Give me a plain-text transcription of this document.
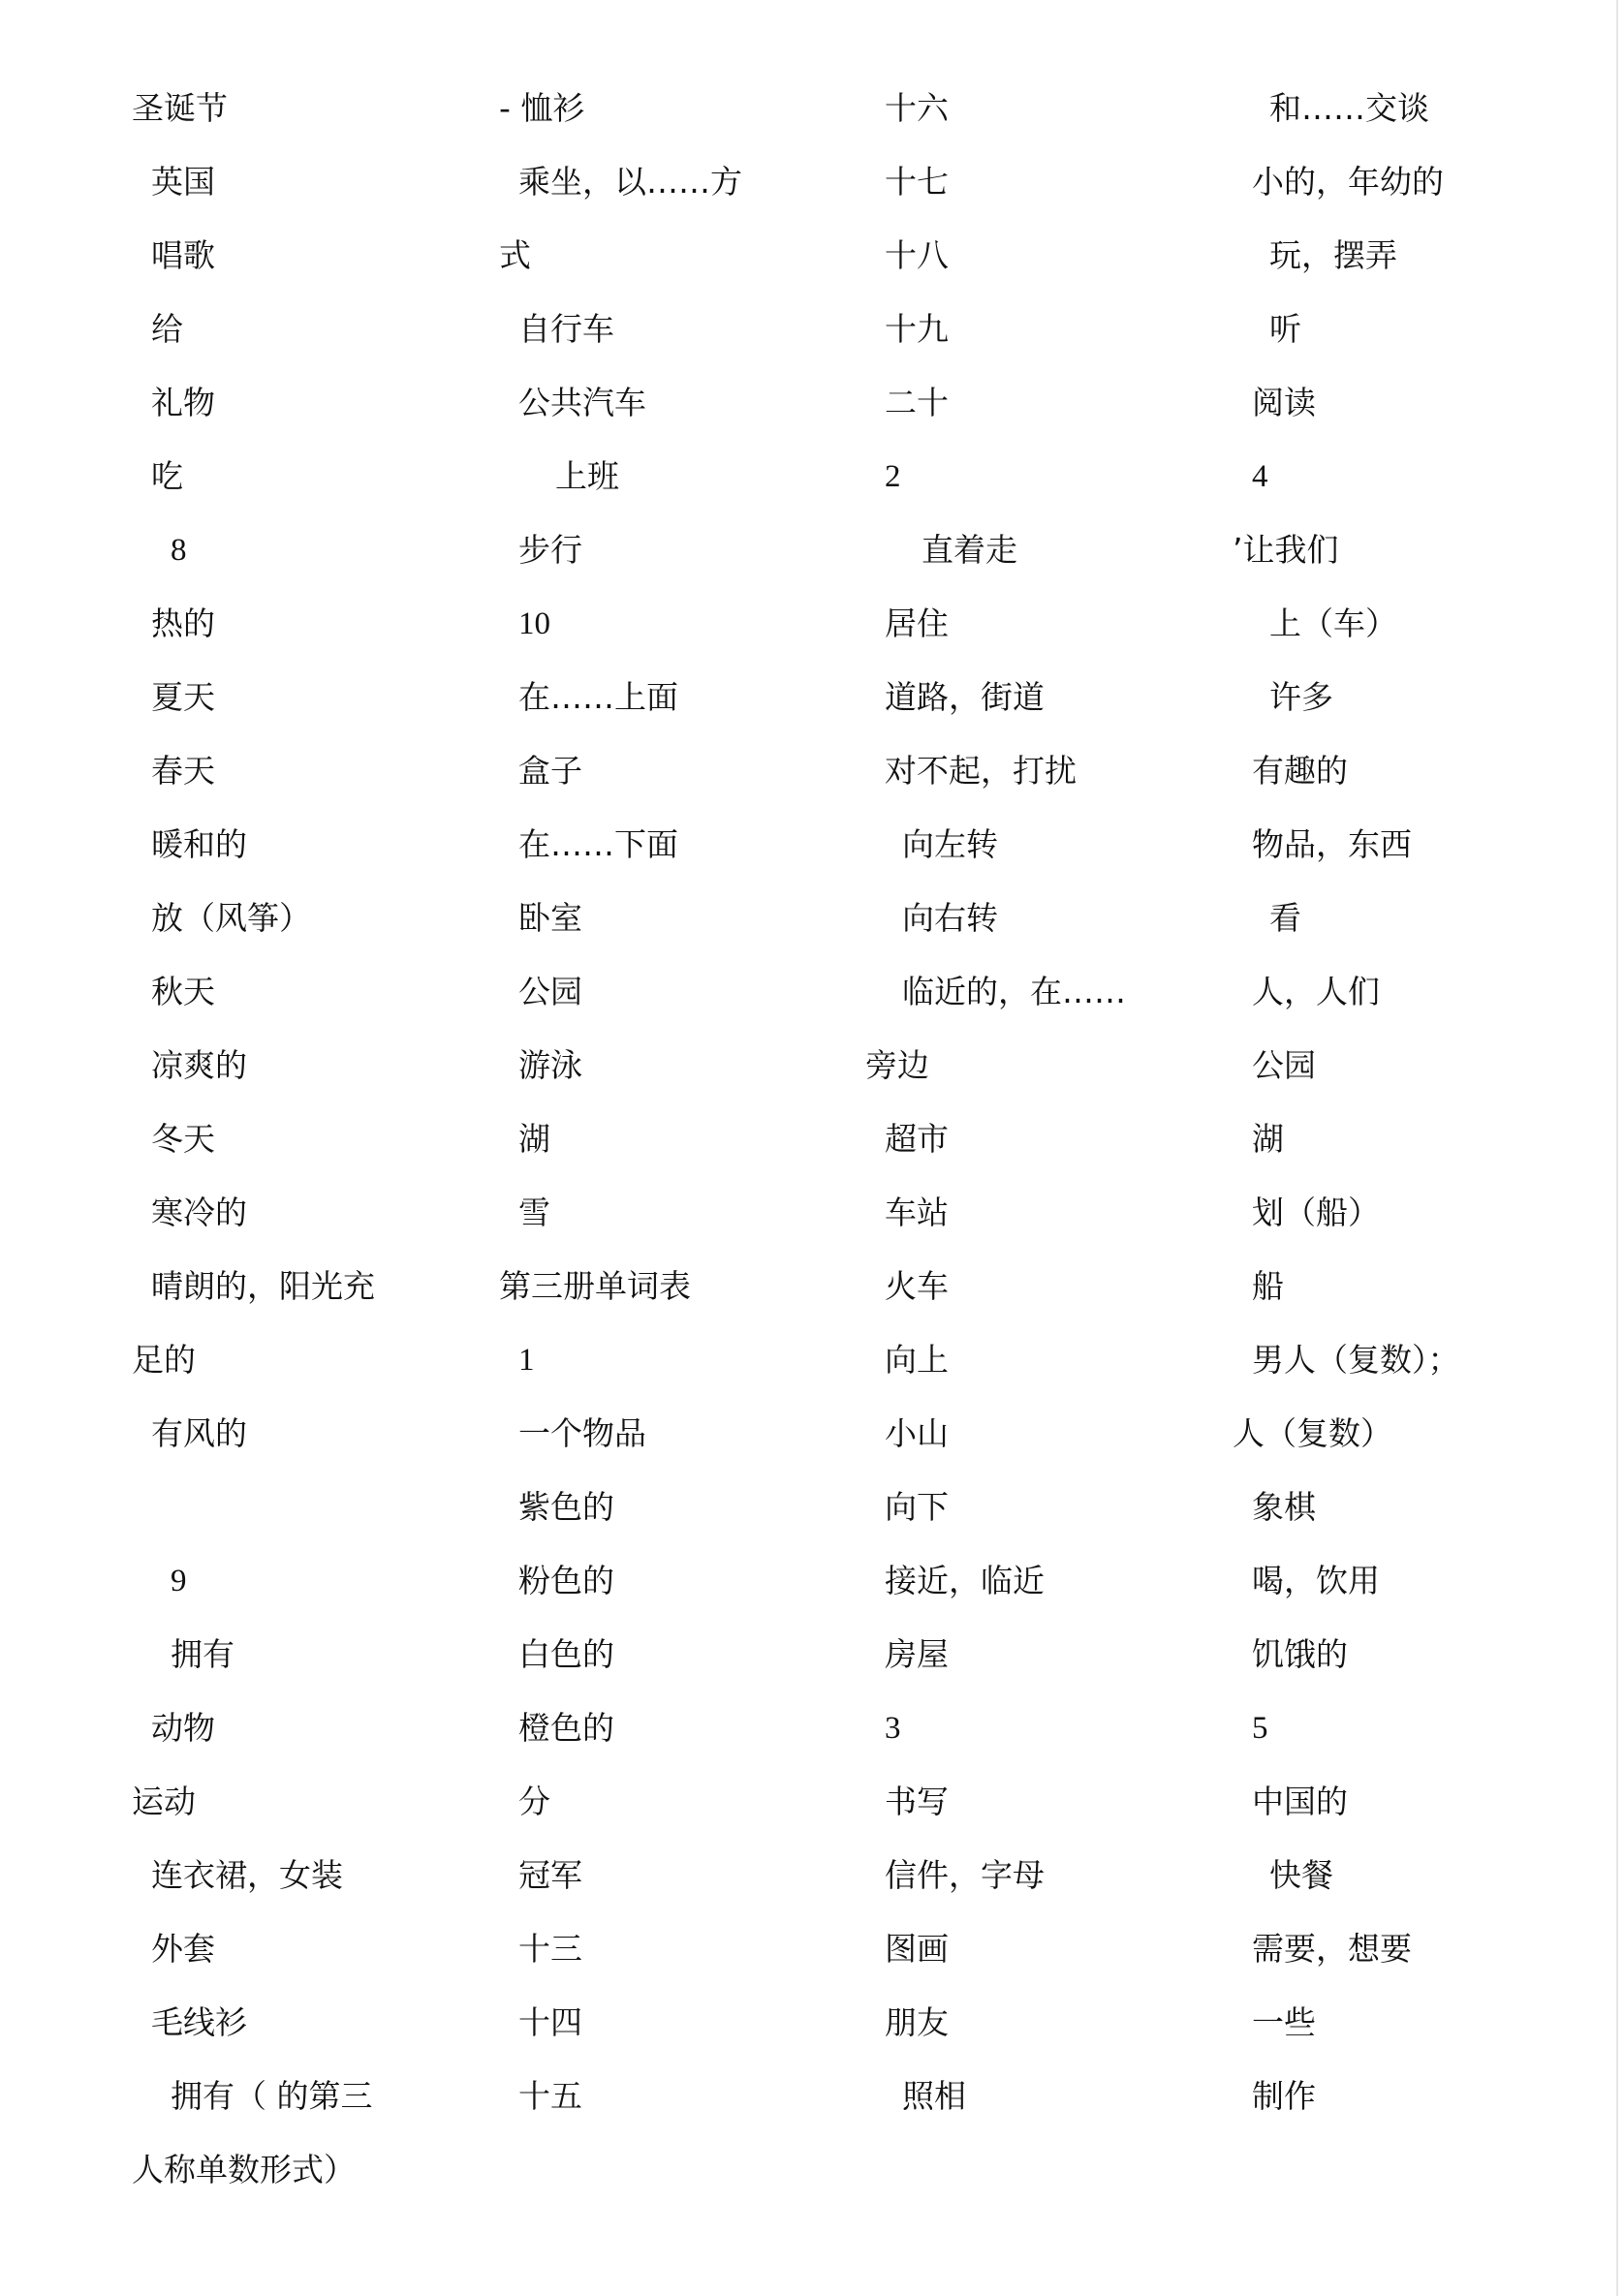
圣诞节
英国
唱歌
给
礼物
吃
8
热的
夏天
春天
暖和的
放（风筝）
秋天
凉爽的
冬天
寒冷的
晴朗的，阳光充
足的
有风的
9
拥有
动物
运动
连衣裙，女装
外套
毛线衫
拥有（ 的第三
人称单数形式）
- 恤衫
乘坐，以……方
式
自行车
公共汽车
上班
步行
10
在……上面
盒子
在……下面
卧室
公园
游泳
湖
雪
第三册单词表
1
一个物品
紫色的
粉色的
白色的
橙色的
分
冠军
十三
十四
十五
十六
十七
十八
十九
二十
2
直着走
居住
道路，街道
对不起，打扰
向左转
向右转
临近的，在……
旁边
超市
车站
火车
向上
小山
向下
接近，临近
房屋
3
书写
信件，字母
图画
朋友
照相
和……交谈
小的，年幼的
玩，摆弄
听
阅读
4
’让我们
上（车）
许多
有趣的
物品，东西
看
人，人们
公园
湖
划（船）
船
男人（复数）；
人（复数）
象棋
喝，饮用
饥饿的
5
中国的
快餐
需要，想要
一些
制作
